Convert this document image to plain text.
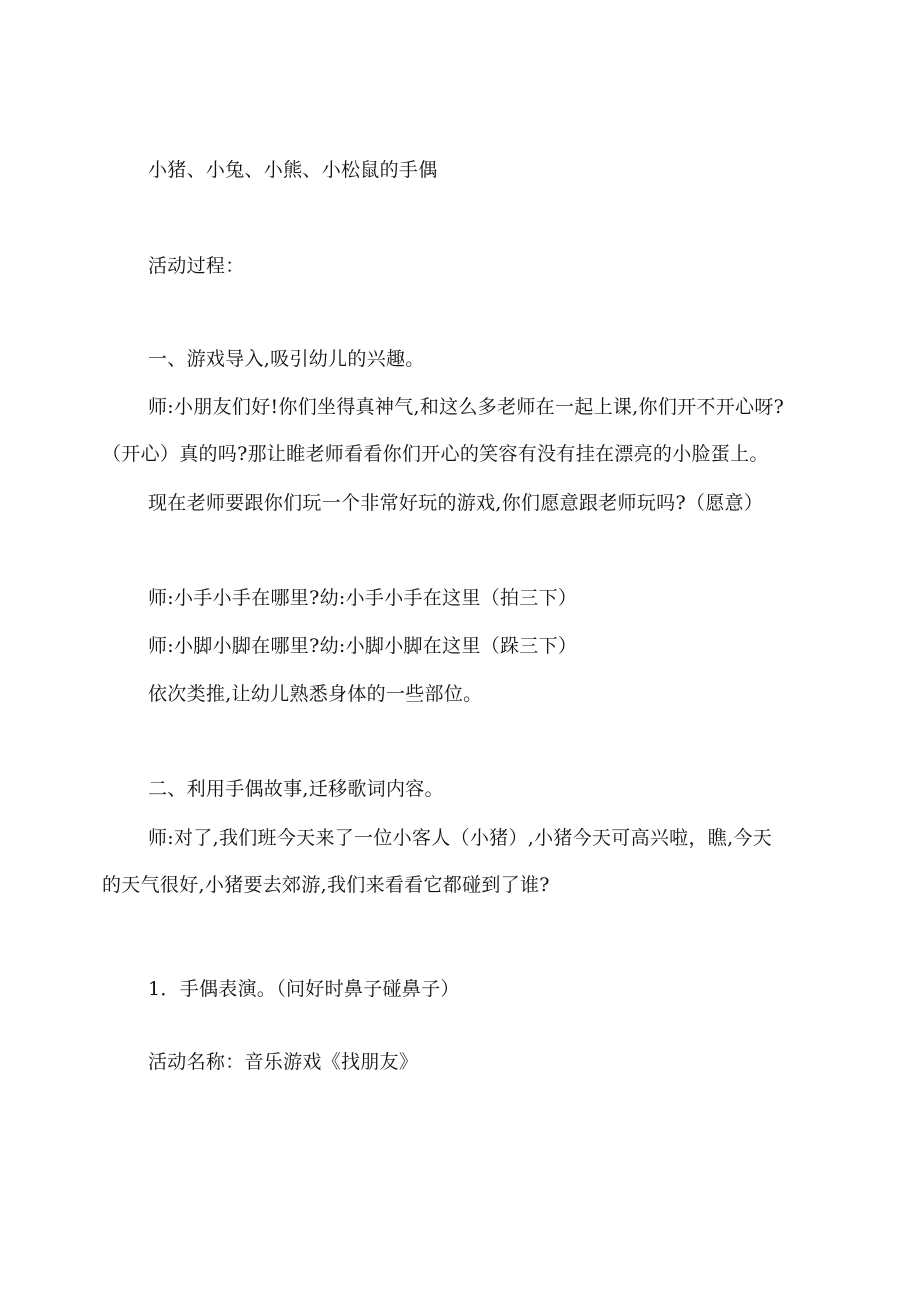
小猪、小兔、小熊、小松鼠的手偶

活动过程：

一、游戏导入,吸引幼儿的兴趣。

师:小朋友们好!你们坐得真神气,和这么多老师在一起上课,你们开不开心呀?

（开心）真的吗?那让睢老师看看你们开心的笑容有没有挂在漂亮的小脸蛋上。

现在老师要跟你们玩一个非常好玩的游戏,你们愿意跟老师玩吗?（愿意）

师:小手小手在哪里?幼:小手小手在这里（拍三下）

师:小脚小脚在哪里?幼:小脚小脚在这里（跺三下）

依次类推,让幼儿熟悉身体的一些部位。

二、利用手偶故事,迁移歌词内容。

师:对了,我们班今天来了一位小客人（小猪）,小猪今天可高兴啦，瞧,今天

的天气很好,小猪要去郊游,我们来看看它都碰到了谁?

1．手偶表演。（问好时鼻子碰鼻子）

活动名称：音乐游戏《找朋友》
